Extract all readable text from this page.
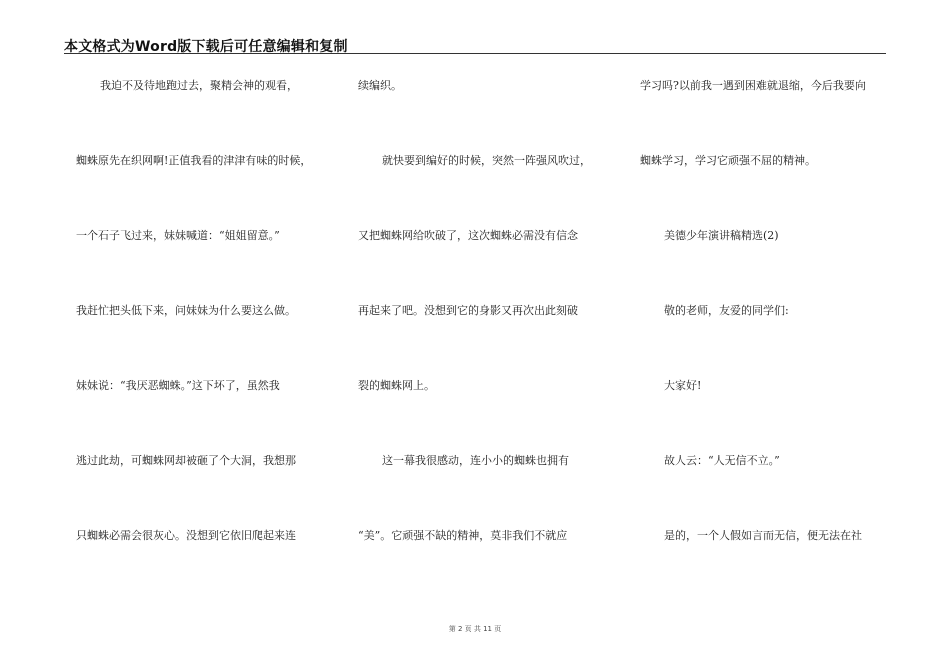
本文格式为Word版下载后可任意编辑和复制
我迫不及待地跑过去，聚精会神的观看，
蜘蛛原先在织网啊!正值我看的津津有味的时候，
一个石子飞过来，妹妹喊道：“姐姐留意。”
我赶忙把头低下来，问妹妹为什么要这么做。
妹妹说：“我厌恶蜘蛛。”这下坏了，虽然我
逃过此劫，可蜘蛛网却被砸了个大洞，我想那
只蜘蛛必需会很灰心。没想到它依旧爬起来连
续编织。
就快要到编好的时候，突然一阵强风吹过，
又把蜘蛛网给吹破了，这次蜘蛛必需没有信念
再起来了吧。没想到它的身影又再次出此刻破
裂的蜘蛛网上。
这一幕我很感动，连小小的蜘蛛也拥有
“美”。它顽强不缺的精神，莫非我们不就应
学习吗?以前我一遇到困难就退缩，今后我要向
蜘蛛学习，学习它顽强不屈的精神。
美德少年演讲稿精选(2)
敬的老师，友爱的同学们:
大家好!
故人云：“人无信不立。”
是的，一个人假如言而无信，便无法在社
第 2 页 共 11 页
